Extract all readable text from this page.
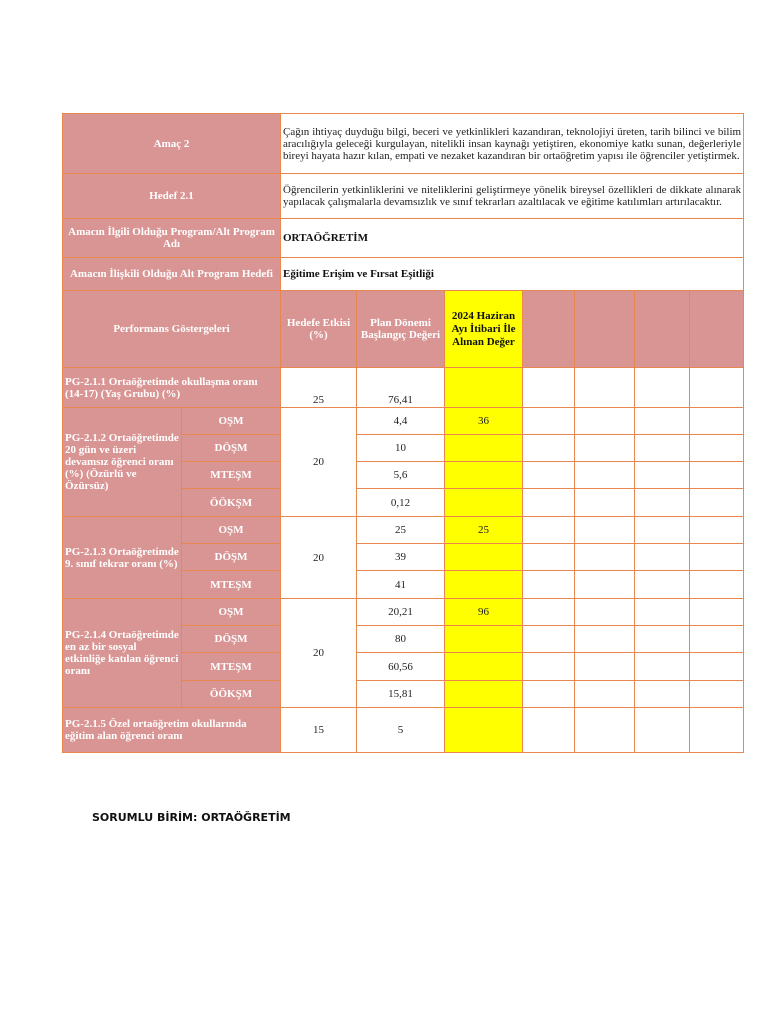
Amaç 2		Çağın ihtiyaç duyduğu bilgi, beceri ve yetkinlikleri kazandıran, teknolojiyi üreten, tarih bilinci ve bilim aracılığıyla geleceği kurgulayan, nitelikli insan kaynağı yetiştiren, ekonomiye katkı sunan, değerleriyle bireyi hayata hazır kılan, empati ve nezaket kazandıran bir ortaöğretim yapısı ile öğrenciler yetiştirmek.						
Hedef 2.1		Öğrencilerin yetkinliklerini ve niteliklerini geliştirmeye yönelik bireysel özellikleri de dikkate alınarak yapılacak çalışmalarla devamsızlık ve sınıf tekrarları azaltılacak ve eğitime katılımları artırılacaktır.						
Amacın İlgili Olduğu Program/Alt Program Adı		ORTAÖĞRETİM						
Amacın İlişkili Olduğu Alt Program Hedefi		Eğitime Erişim ve Fırsat Eşitliği						
Performans Göstergeleri		Hedefe Etkisi (%)	Plan Dönemi Başlangıç Değeri	2024 Haziran Ayı İtibari İle Alınan Değer				
PG-2.1.1 Ortaöğretimde okullaşma oranı (14-17) (Yaş Grubu) (%)		25	76,41					
PG-2.1.2 Ortaöğretimde 20 gün ve üzeri devamsız öğrenci oranı (%) (Özürlü ve Özürsüz)	OŞM	20	4,4	36				
	DÖŞM		10					
	MTEŞM		5,6					
	ÖÖKŞM		0,12					
PG-2.1.3 Ortaöğretimde 9. sınıf tekrar oranı (%)	OŞM	20	25	25				
	DÖŞM		39					
	MTEŞM		41					
PG-2.1.4 Ortaöğretimde en az bir sosyal etkinliğe katılan öğrenci oranı	OŞM	20	20,21	96				
	DÖŞM		80					
	MTEŞM		60,56					
	ÖÖKŞM		15,81					
PG-2.1.5 Özel ortaöğretim okullarında eğitim alan öğrenci oranı		15	5					
SORUMLU BİRİM: ORTAÖĞRETİM
